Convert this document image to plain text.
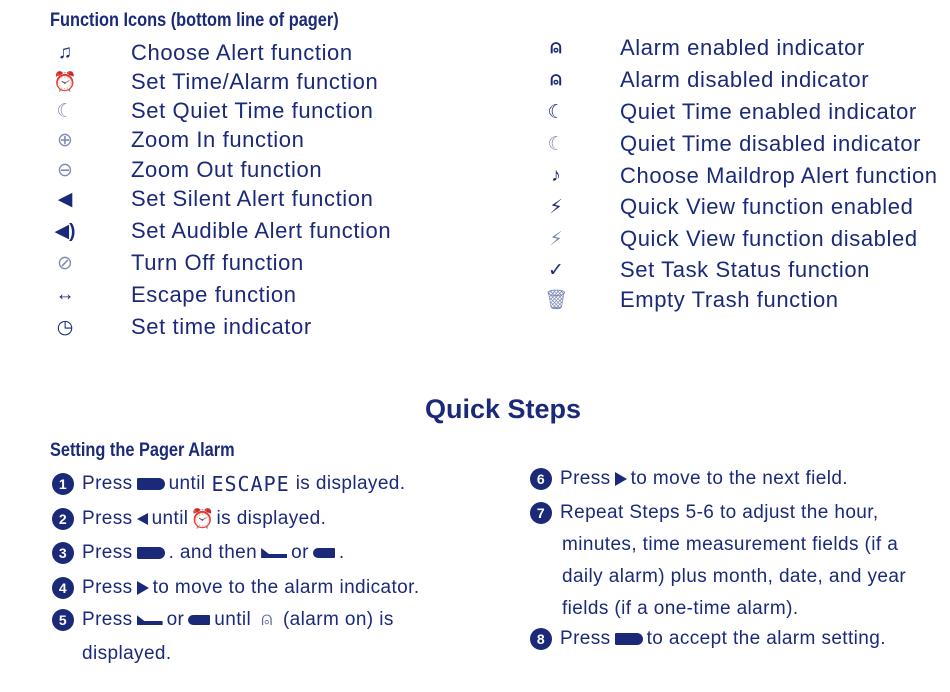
Function Icons (bottom line of pager)
♫	Choose Alert function
⏰ Set Time/Alarm function
☾	Set Quiet Time function
⊕	Zoom In function
⊖	Zoom Out function
◀	Set Silent Alert function
◀)	Set Audible Alert function
⊘	Turn Off function
↔	Escape function
◷	Set time indicator
⍝	Alarm enabled indicator
⍝	Alarm disabled indicator
☾	Quiet Time enabled indicator
☾	Quiet Time disabled indicator
♪	Choose Maildrop Alert function
⚡	Quick View function enabled
⚡	Quick View function disabled
✓	Set Task Status function
🗑 Empty Trash function
Quick Steps
Setting the Pager Alarm
1 Press until ESCAPE is displayed.
2 Press until ⏰ is displayed.
3 Press . and then or .
4 Press to move to the alarm indicator.
5 Press or until ⍝ (alarm on) is
displayed.
6 Press to move to the next field.
7 Repeat Steps 5-6 to adjust the hour,
minutes, time measurement fields (if a
daily alarm) plus month, date, and year
fields (if a one-time alarm).
8 Press to accept the alarm setting.
